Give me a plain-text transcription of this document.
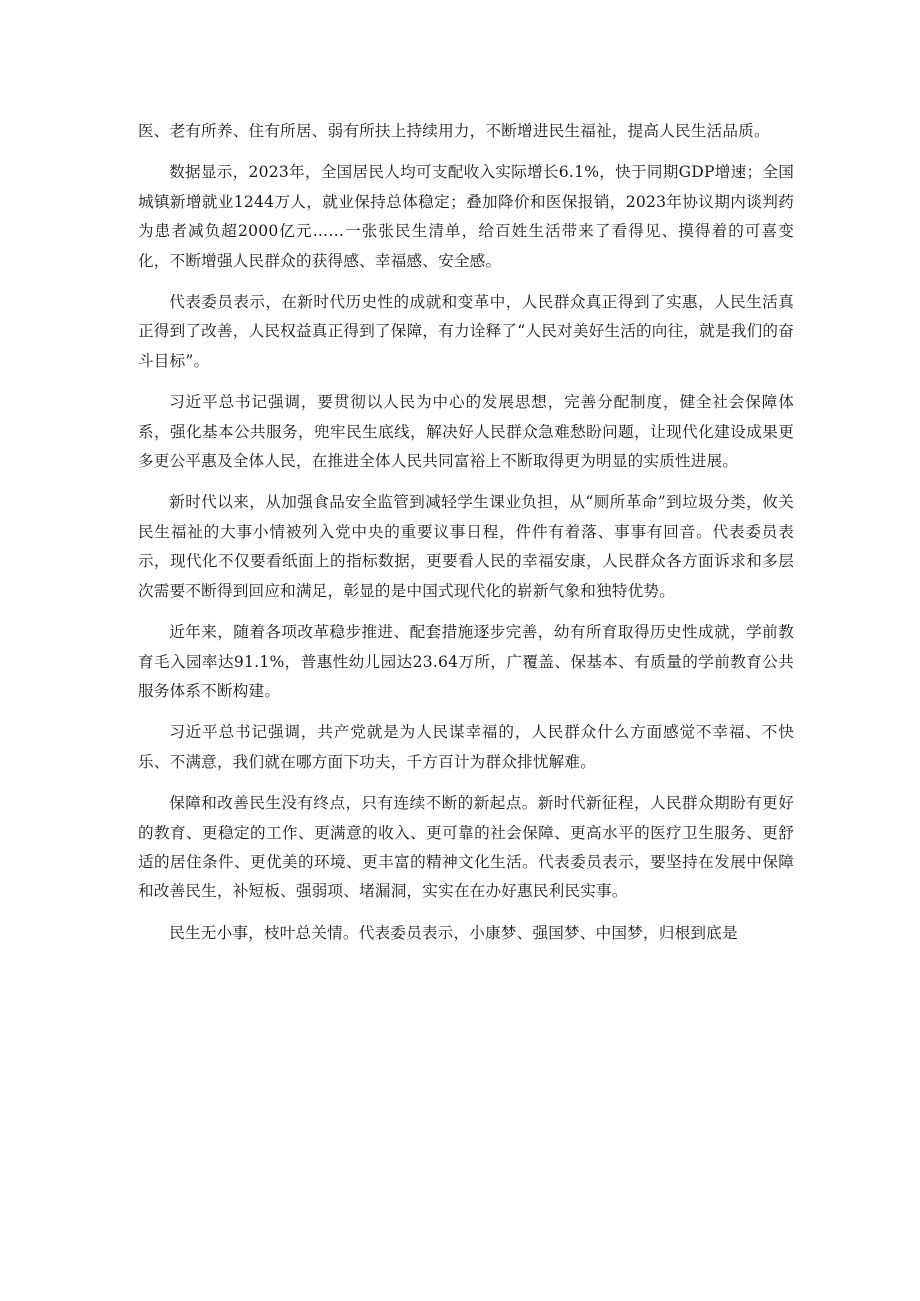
医、老有所养、住有所居、弱有所扶上持续用力，不断增进民生福祉，提高人民生活品质。

数据显示，2023年，全国居民人均可支配收入实际增长6.1%，快于同期GDP增速；全国城镇新增就业1244万人，就业保持总体稳定；叠加降价和医保报销，2023年协议期内谈判药为患者减负超2000亿元……一张张民生清单，给百姓生活带来了看得见、摸得着的可喜变化，不断增强人民群众的获得感、幸福感、安全感。

代表委员表示，在新时代历史性的成就和变革中，人民群众真正得到了实惠，人民生活真正得到了改善，人民权益真正得到了保障，有力诠释了“人民对美好生活的向往，就是我们的奋斗目标”。

习近平总书记强调，要贯彻以人民为中心的发展思想，完善分配制度，健全社会保障体系，强化基本公共服务，兜牢民生底线，解决好人民群众急难愁盼问题，让现代化建设成果更多更公平惠及全体人民，在推进全体人民共同富裕上不断取得更为明显的实质性进展。

新时代以来，从加强食品安全监管到减轻学生课业负担，从“厕所革命”到垃圾分类，攸关民生福祉的大事小情被列入党中央的重要议事日程，件件有着落、事事有回音。代表委员表示，现代化不仅要看纸面上的指标数据，更要看人民的幸福安康，人民群众各方面诉求和多层次需要不断得到回应和满足，彰显的是中国式现代化的崭新气象和独特优势。

近年来，随着各项改革稳步推进、配套措施逐步完善，幼有所育取得历史性成就，学前教育毛入园率达91.1%，普惠性幼儿园达23.64万所，广覆盖、保基本、有质量的学前教育公共服务体系不断构建。

习近平总书记强调，共产党就是为人民谋幸福的，人民群众什么方面感觉不幸福、不快乐、不满意，我们就在哪方面下功夫，千方百计为群众排忧解难。

保障和改善民生没有终点，只有连续不断的新起点。新时代新征程，人民群众期盼有更好的教育、更稳定的工作、更满意的收入、更可靠的社会保障、更高水平的医疗卫生服务、更舒适的居住条件、更优美的环境、更丰富的精神文化生活。代表委员表示，要坚持在发展中保障和改善民生，补短板、强弱项、堵漏洞，实实在在办好惠民利民实事。

民生无小事，枝叶总关情。代表委员表示，小康梦、强国梦、中国梦，归根到底是
